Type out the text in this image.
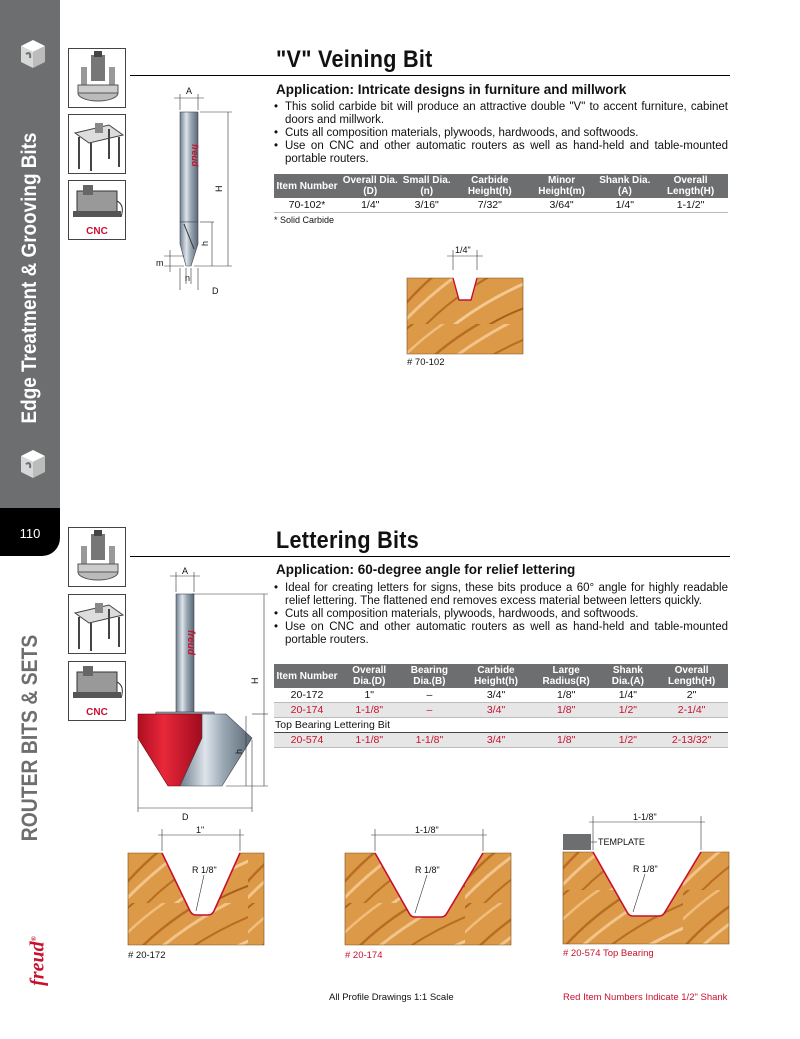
Edge Treatment & Grooving Bits
110
ROUTER BITS & SETS
freud®
CNC
"V" Veining Bit
Application: Intricate designs in furniture and millwork
• This solid carbide bit will produce an attractive double "V" to accent furniture, cabinet doors and millwork.
• Cuts all composition materials, plywoods, hardwoods, and softwoods.
• Use on CNC and other automatic routers as well as hand-held and table-mounted portable routers.
Item Number	Overall Dia.(D)	Small Dia.(n)	Carbide Height(h)	Minor Height(m)	Shank Dia.(A)	Overall Length(H)
70-102*	1/4"	3/16"	7/32"	3/64"	1/4"	1-1/2"
* Solid Carbide
freud
A
H
h
m
n
D
1/4"
# 70-102
CNC
Lettering Bits
Application: 60-degree angle for relief lettering
• Ideal for creating letters for signs, these bits produce a 60° angle for highly readable relief lettering. The flattened end removes excess material between letters quickly.
• Cuts all composition materials, plywoods, hardwoods, and softwoods.
• Use on CNC and other automatic routers as well as hand-held and table-mounted portable routers.
Item Number	Overall Dia.(D)	Bearing Dia.(B)	Carbide Height(h)	Large Radius(R)	Shank Dia.(A)	Overall Length(H)
20-172	1"	–	3/4"	1/8"	1/4"	2"
20-174	1-1/8"	–	3/4"	1/8"	1/2"	2-1/4"
Top Bearing Lettering Bit						
20-574	1-1/8"	1-1/8"	3/4"	1/8"	1/2"	2-13/32"
A
freud
H
h
D
1"
R 1/8"
# 20-172
1-1/8"
R 1/8"
# 20-174
1-1/8"
TEMPLATE
R 1/8"
# 20-574 Top Bearing
All Profile Drawings 1:1 Scale	Red Item Numbers Indicate 1/2" Shank
